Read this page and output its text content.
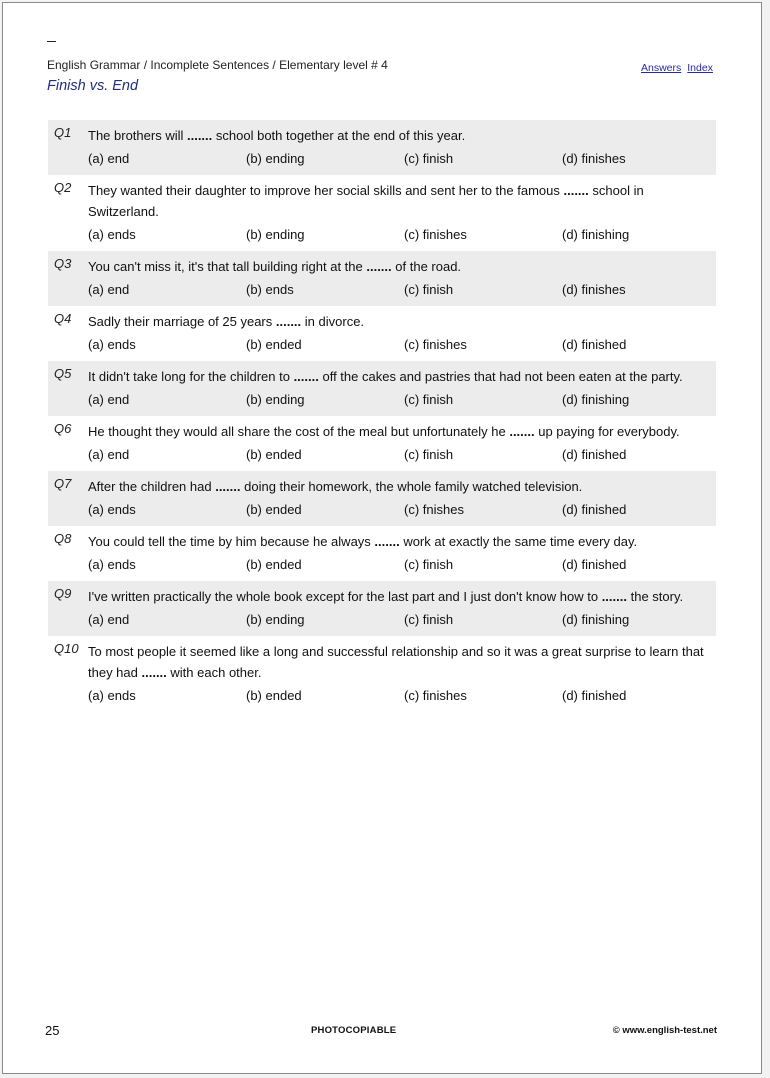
English Grammar / Incomplete Sentences / Elementary level # 4
Finish vs. End
Answers Index
Q1 The brothers will ....... school both together at the end of this year.
(a) end	(b) ending	(c) finish	(d) finishes
Q2 They wanted their daughter to improve her social skills and sent her to the famous ....... school in Switzerland.
(a) ends	(b) ending	(c) finishes	(d) finishing
Q3 You can't miss it, it's that tall building right at the ....... of the road.
(a) end	(b) ends	(c) finish	(d) finishes
Q4 Sadly their marriage of 25 years ....... in divorce.
(a) ends	(b) ended	(c) finishes	(d) finished
Q5 It didn't take long for the children to ....... off the cakes and pastries that had not been eaten at the party.
(a) end	(b) ending	(c) finish	(d) finishing
Q6 He thought they would all share the cost of the meal but unfortunately he ....... up paying for everybody.
(a) end	(b) ended	(c) finish	(d) finished
Q7 After the children had ....... doing their homework, the whole family watched television.
(a) ends	(b) ended	(c) fnishes	(d) finished
Q8 You could tell the time by him because he always ....... work at exactly the same time every day.
(a) ends	(b) ended	(c) finish	(d) finished
Q9 I've written practically the whole book except for the last part and I just don't know how to ....... the story.
(a) end	(b) ending	(c) finish	(d) finishing
Q10 To most people it seemed like a long and successful relationship and so it was a great surprise to learn that they had ....... with each other.
(a) ends	(b) ended	(c) finishes	(d) finished
25	PHOTOCOPIABLE	© www.english-test.net
